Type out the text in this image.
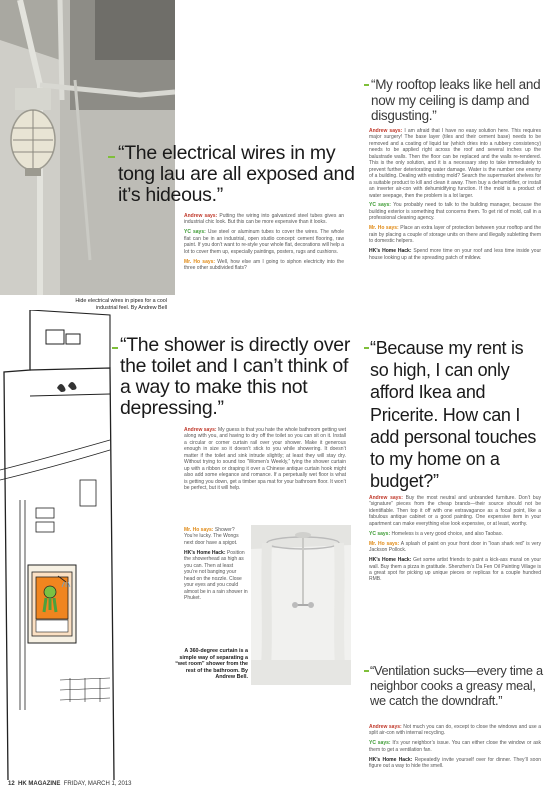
Hide electrical wires in pipes for a cool
industrial feel. By Andrew Bell
“The electrical wires in my tong lau are all exposed and it’s hideous.”

Andrew says: Putting the wiring into galvanized steel tubes gives an industrial chic look. But this can be more expensive than it looks.

YC says: Use steel or aluminum tubes to cover the wires. The whole flat can be in an industrial, open studio concept: cement flooring, raw paint. If you don’t want to re-style your whole flat, decorations will help a lot to cover them up, especially paintings, posters, rugs and cushions.

Mr. Ho says: Well, how else am I going to siphon electricity into the three other subdivided flats?

“My rooftop leaks like hell and now my ceiling is damp and disgusting.”

Andrew says: I am afraid that I have no easy solution here. This requires major surgery! The base layer (tiles and their cement base) needs to be removed and a coating of liquid tar (which dries into a rubbery consistency) needs to be applied right across the roof and several inches up the balustrade walls. Then the floor can be replaced and the walls re-rendered. This is the only solution, and it is a necessary step to take immediately to prevent further deteriorating water damage. Water is the number one enemy of a building. Dealing with existing mold? Search the supermarket shelves for a suitable product to kill and clean it away. Then buy a dehumidifier, or install an inverter air-con with dehumidifying function. If the mold is a product of water seepage, then the problem is a lot larger.

YC says: You probably need to talk to the building manager, because the building exterior is something that concerns them. To get rid of mold, call in a professional cleaning agency.

Mr. Ho says: Place an extra layer of protection between your rooftop and the rain by placing a couple of storage units on there and illegally subletting them to domestic helpers.

HK’s Home Hack: Spend more time on your roof and less time inside your house looking up at the spreading patch of mildew.

“The shower is directly over the toilet and I can’t think of a way to make this not depressing.”

Andrew says: My guess is that you hate the whole bathroom getting wet along with you, and having to dry off the toilet so you can sit on it. Install a circular or corner curtain rail over your shower. Make it generous enough in size so it doesn’t stick to you while showering. It doesn’t matter if the toilet and sink intrude slightly; at least they will stay dry. Without trying to sound too “Women’s Weekly,” tying the shower curtain up with a ribbon or draping it over a Chinese antique curtain hook might also add some elegance and romance. If a perpetually wet floor is what is getting you down, get a timber spa mat for your bathroom floor. It won’t be perfect, but it will help.

Mr. Ho says: Shower? You’re lucky. The Wongs next door have a spigot.

HK’s Home Hack: Position the showerhead as high as you can. Then at least you’re not banging your head on the nozzle. Close your eyes and you could almost be in a rain shower in Phuket.

A 360-degree curtain is a simple way of separating a “wet room” shower from the rest of the bathroom. By Andrew Bell.
“Because my rent is so high, I can only afford Ikea and Pricerite. How can I add personal touches to my home on a budget?”

Andrew says: Buy the most neutral and unbranded furniture. Don’t buy “signature” pieces from the cheap brands—their source should not be identifiable. Then top it off with one extravagance as a focal point, like a fabulous antique cabinet or a good painting. One expensive item in your apartment can make everything else look expensive, or at least, worthy.

YC says: Homeless is a very good choice, and also Taobao.

Mr. Ho says: A splash of paint on your front door in “loan shark red” is very Jackson Pollock.

HK’s Home Hack: Get some artist friends to paint a kick-ass mural on your wall. Buy them a pizza in gratitude. Shenzhen’s Da Fen Oil Painting Village is a great spot for picking up unique pieces or replicas for a couple hundred RMB.

“Ventilation sucks—every time a neighbor cooks a greasy meal, we catch the downdraft.”

Andrew says: Not much you can do, except to close the windows and use a split air-con with internal recycling.

YC says: It’s your neighbor’s issue. You can either close the window or ask them to get a ventilation fan.

HK’s Home Hack: Repeatedly invite yourself over for dinner. They’ll soon figure out a way to hide the smell.

12 HK MAGAZINE FRIDAY, MARCH 1, 2013
